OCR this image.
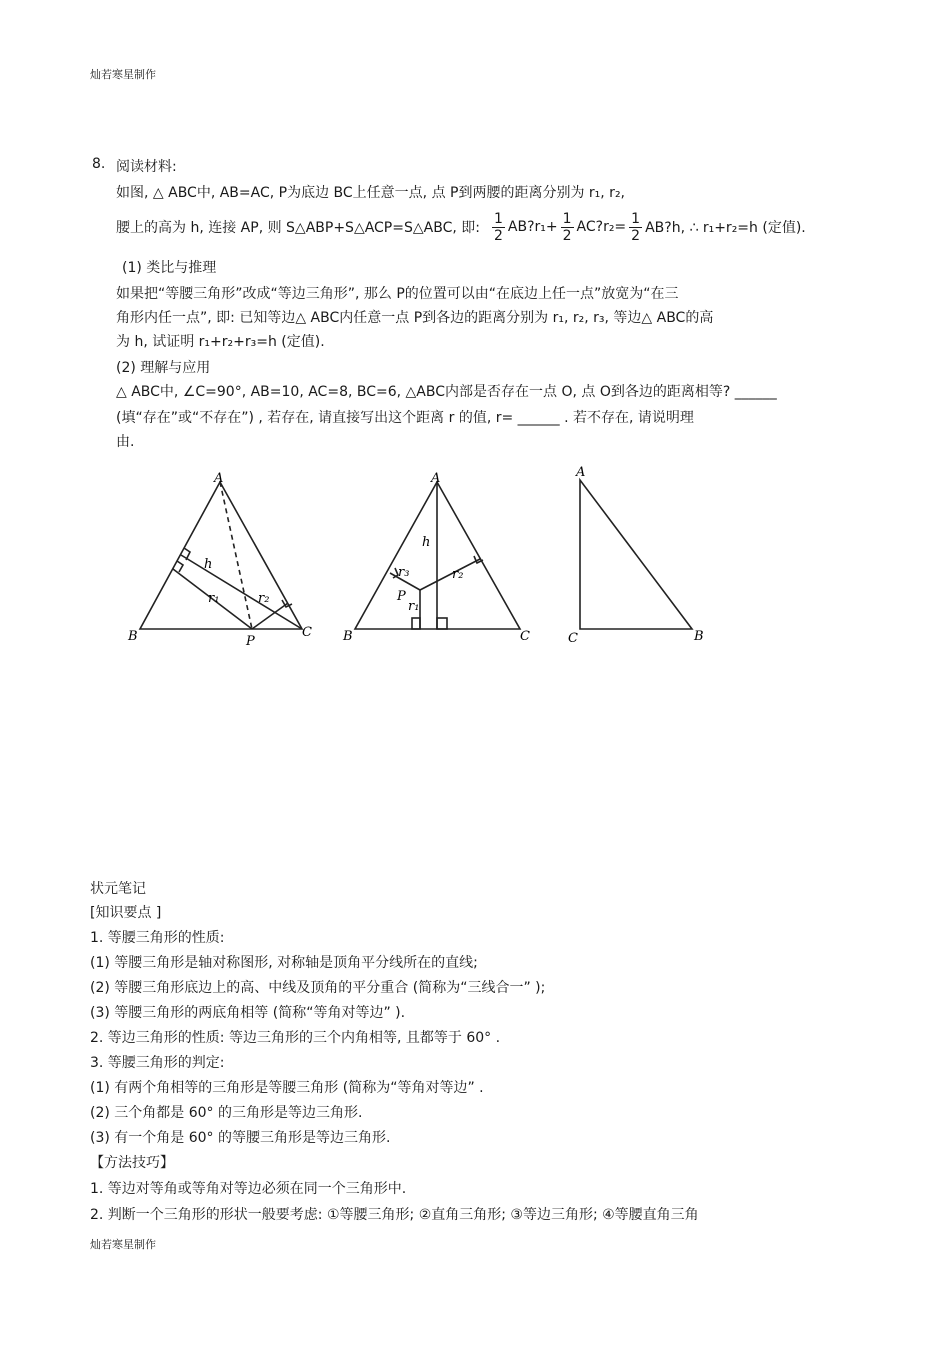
灿若寒星制作
8. 阅读材料:
如图, △ ABC中, AB=AC, P为底边 BC上任意一点, 点 P到两腰的距离分别为 r₁, r₂,
腰上的高为 h, 连接 AP, 则 S△ABP+S△ACP=S△ABC, 即: $\frac{1}{2}$ AB?r₁+ $\frac{1}{2}$ AC?r₂= $\frac{1}{2}$ AB?h, ∴ r₁+r₂=h (定值).
(1) 类比与推理
如果把“等腰三角形”改成“等边三角形”, 那么 P的位置可以由“在底边上任一点”放宽为“在三
角形内任一点”, 即: 已知等边△ ABC内任意一点 P到各边的距离分别为 r₁, r₂, r₃, 等边△ ABC的高
为 h, 试证明 r₁+r₂+r₃=h (定值).
(2) 理解与应用
△ ABC中, ∠C=90°, AB=10, AC=8, BC=6, △ABC内部是否存在一点 O, 点 O到各边的距离相等? ______
(填“存在”或“不存在”) , 若存在, 请直接写出这个距离 r 的值, r= ______ . 若不存在, 请说明理
由.
A
B	C
P
h
r₁	r₂
A
B	C
P
h
r₁
r₂
r₃
A
C	B
状元笔记
[知识要点 ]
1. 等腰三角形的性质:
(1) 等腰三角形是轴对称图形, 对称轴是顶角平分线所在的直线;
(2) 等腰三角形底边上的高、中线及顶角的平分重合 (简称为“三线合一” );
(3) 等腰三角形的两底角相等 (简称“等角对等边” ).
2. 等边三角形的性质: 等边三角形的三个内角相等, 且都等于 60° .
3. 等腰三角形的判定:
(1) 有两个角相等的三角形是等腰三角形 (简称为“等角对等边” .
(2) 三个角都是 60° 的三角形是等边三角形.
(3) 有一个角是 60° 的等腰三角形是等边三角形.
【方法技巧】
1. 等边对等角或等角对等边必须在同一个三角形中.
2. 判断一个三角形的形状一般要考虑: ①等腰三角形; ②直角三角形; ③等边三角形; ④等腰直角三角
灿若寒星制作
